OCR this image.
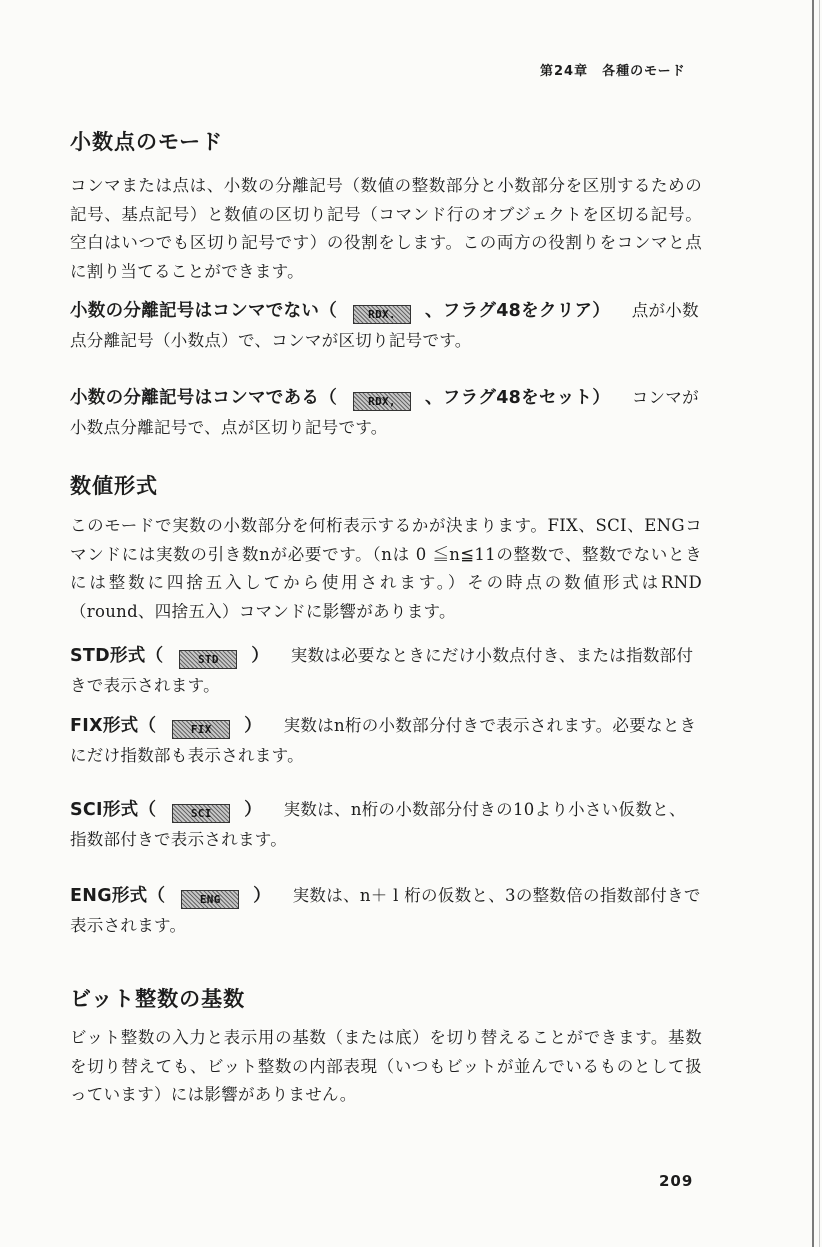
第24章 各種のモード
小数点のモード

コンマまたは点は、小数の分離記号（数値の整数部分と小数部分を区別するための記号、基点記号）と数値の区切り記号（コマンド行のオブジェクトを区切る記号。空白はいつでも区切り記号です）の役割をします。この両方の役割りをコンマと点に割り当てることができます。

小数の分離記号はコンマでない（	RDX. 、フラグ48をクリア） 点が小数点分離記号（小数点）で、コンマが区切り記号です。
小数の分離記号はコンマである（	RDX, 、フラグ48をセット） コンマが小数点分離記号で、点が区切り記号です。
数値形式

このモードで実数の小数部分を何桁表示するかが決まります。FIX、SCI、ENGコマンドには実数の引き数nが必要です。（nは 0 ≦n≦11の整数で、整数でないときには整数に四捨五入してから使用されます。）その時点の数値形式はRND（round、四捨五入）コマンドに影響があります。

STD形式（	STD ） 実数は必要なときにだけ小数点付き、または指数部付きで表示されます。
FIX形式（	FIX ） 実数はn桁の小数部分付きで表示されます。必要なときにだけ指数部も表示されます。
SCI形式（	SCI ） 実数は、n桁の小数部分付きの10より小さい仮数と、指数部付きで表示されます。
ENG形式（	ENG ） 実数は、n＋ l 桁の仮数と、3の整数倍の指数部付きで表示されます。
ビット整数の基数

ビット整数の入力と表示用の基数（または底）を切り替えることができます。基数を切り替えても、ビット整数の内部表現（いつもビットが並んでいるものとして扱っています）には影響がありません。

209
